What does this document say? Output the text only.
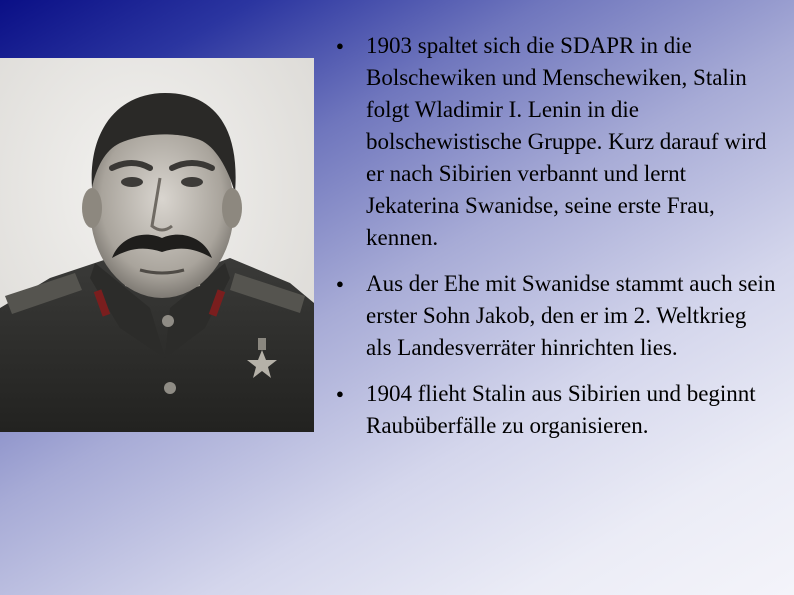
● 1903 spaltet sich die SDAPR in die Bolschewiken und Menschewiken, Stalin folgt Wladimir I. Lenin in die bolschewistische Gruppe. Kurz darauf wird er nach Sibirien verbannt und lernt Jekaterina Swanidse, seine erste Frau, kennen.
● Aus der Ehe mit Swanidse stammt auch sein erster Sohn Jakob, den er im 2. Weltkrieg als Landesverräter hinrichten lies.
● 1904 flieht Stalin aus Sibirien und beginnt Raubüberfälle zu organisieren.
